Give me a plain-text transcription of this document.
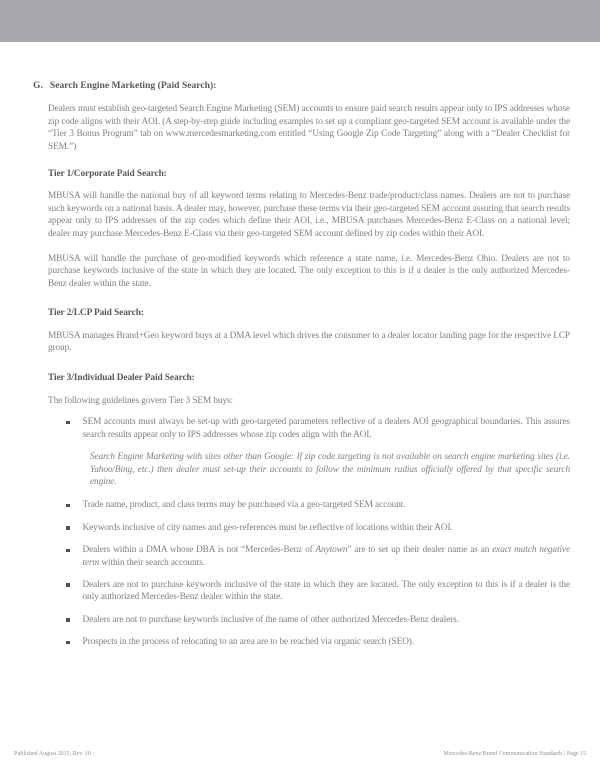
G. Search Engine Marketing (Paid Search):

Dealers must establish geo-targeted Search Engine Marketing (SEM) accounts to ensure paid search results appear only to IPS addresses whose zip code aligns with their AOI. (A step-by-step guide including examples to set up a compliant geo-targeted SEM account is available under the “Tier 3 Bonus Program” tab on www.mercedesmarketing.com entitled “Using Google Zip Code Targeting” along with a “Dealer Checklist for SEM.”)

Tier 1/Corporate Paid Search:

MBUSA will handle the national buy of all keyword terms relating to Mercedes-Benz trade/product/class names. Dealers are not to purchase such keywords on a national basis. A dealer may, however, purchase these terms via their geo-targeted SEM account assuring that search results appear only to IPS addresses of the zip codes which define their AOI, i.e., MBUSA purchases Mercedes-Benz E-Class on a national level; dealer may purchase Mercedes-Benz E-Class via their geo-targeted SEM account defined by zip codes within their AOI.

MBUSA will handle the purchase of geo-modified keywords which reference a state name, i.e. Mercedes-Benz Ohio. Dealers are not to purchase keywords inclusive of the state in which they are located. The only exception to this is if a dealer is the only authorized Mercedes-Benz dealer within the state.

Tier 2/LCP Paid Search:

MBUSA manages Brand+Geo keyword buys at a DMA level which drives the consumer to a dealer locator landing page for the respective LCP group.

Tier 3/Individual Dealer Paid Search:

The following guidelines govern Tier 3 SEM buys:

SEM accounts must always be set-up with geo-targeted parameters reflective of a dealers AOI geographical boundaries. This assures search results appear only to IPS addresses whose zip codes align with the AOI.

Search Engine Marketing with sites other than Google: If zip code targeting is not available on search engine marketing sites (i.e. Yahoo/Bing, etc.) then dealer must set-up their accounts to follow the minimum radius officially offered by that specific search engine.

Trade name, product, and class terms may be purchased via a geo-targeted SEM account.
Keywords inclusive of city names and geo-references must be reflective of locations within their AOI.
Dealers within a DMA whose DBA is not “Mercedes-Benz of Anytown” are to set up their dealer name as an exact match negative term within their search accounts.
Dealers are not to purchase keywords inclusive of the state in which they are located. The only exception to this is if a dealer is the only authorized Mercedes-Benz dealer within the state.
Dealers are not to purchase keywords inclusive of the name of other authorized Mercedes-Benz dealers.
Prospects in the process of relocating to an area are to be reached via organic search (SEO).
Published August 2015, Rev. 10	Mercedes-Benz Brand Communication Standards | Page 15
